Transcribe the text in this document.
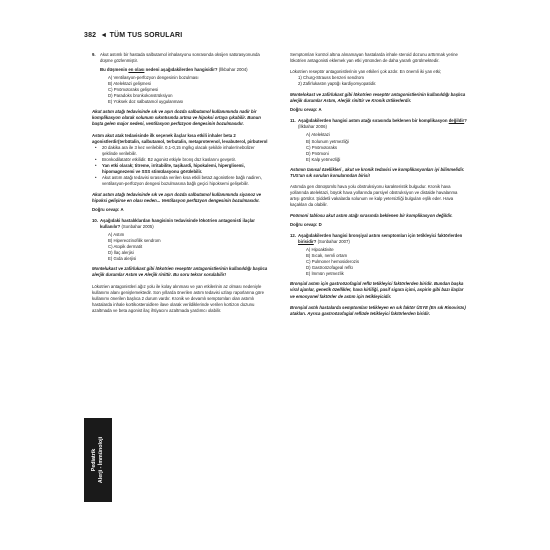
382 ◄ TÜM TUS SORULARI
9.	Akut astımlı bir hastada salbutamol inhalasyonu sonrasında oksijen satürasyonunda düşme gözlenmiştir.

Bu düşmenin en olası nedeni aşağıdakilerden hangisidir? (İlkbahar 2004)

A) Ventilasyon-perfüzyon dengesinin bozulması
B) Atelektazi gelişmesi
C) Pnömotoraks gelişmesi
D) Paradoks bronkokonstrüksiyon
E) Yüksek doz salbutamol uygulanması

Akut astım atağı tedavisinde sık ve aşırı dozda salbutamol kullanımında nadir bir komplikasyon olarak solunum sıkıntısında artma ve hipoksi ortaya çıkabilir. Bunun başta gelen major nedeni, ventilasyon perfüzyon dengesinin bozulmasıdır.

Astım akut atak tedavisinde ilk seçenek ilaçlar kısa etkili inhaler beta 2 agonistlerdir(terbütalin, salbutamol, terbutalin, metaproterenol, levabuterol, pirbuterol

• 20 dakika ara ile 3 kez verilebilir. 0,1-0,15 mg/kg olacak şekilde inhaler/nebülizer şeklinde verilebilir.
• Bronkodilatatör etkilidir. B2 agonist etkiyle bronş düz kaslarını gevşetir.
• Yan etki olarak; titreme, irritabilite, taşikardi, hipokalemi, hiperglisemi, hipomagnezemi ve SSS stimülasyonu görülebilir.
• Akut astım atağı tedavisi sırasında verilen kısa etkili beta2 agonistlere bağlı nadiren, ventilasyon-perfüzyon dengesi bozulmasına bağlı geçici hipoksemi gelişebilir.

Akut astım atağı tedavisinde sık ve aşırı dozda salbutamol kullanımında siyanoz ve hipoksi gelişirse en olası neden... Ventilasyon perfüzyon dengesinin bozulmasıdır.

Doğru cevap: A

10. Aşağıdaki hastalıklardan hangisinin tedavisinde lökotrien antagonisti ilaçlar kullanılır? (Sonbahar 2005)

A) Astım
B) Hipereozinofilik sendrom
C) Atopik dermatit
D) İlaç alerjisi
E) Gıda alerjisi

Montelukast ve zafirlukast gibi lökotrien reseptör antagonistlerinin kullanıldığı başlıca alerjik durumlar Astım ve Alerjik rinittir. Bu soru tekrar sorulabilir!

Lökotrien antagonistleri ağız yolu ile kolay alınması ve yan etkilerinin az olması nedeniyle kullanımı alanı genişlemektedir. Son yıllarda önerilen astım tedavisi uzlaşı raporlarına göre kullanımı önerilen başlıca 2 durum vardır. Kronik ve devamlı semptomları olan astımlı hastalarda inhale kortikosteroidlere ilave olarak verildiklerinde verilen kortizon dozunu azaltmada ve beta agonist ilaç ihtiyacını azaltmada yardımcı olabilir.

Semptomları kontrol altına alınamayan hastalarda inhale steroid dozunu arttırmak yerine lökotrien antagonisti eklemek yan etki yönünden de daha yararlı görülmektedir.

Lökotrien reseptör antagonistlerinin yan etkileri çok azdır. En önemli iki yan etki;

1) Churg-Strauss benzeri sendrom
2) Zafirlukastın yaptığı kardiyomyopatidir.

Montelokast ve zafirlukast gibi lökotrien reseptör antagonistlerinin kullanıldığı başlıca alerjik durumlar Astım, Alerjik rinittir ve Kronik ürtikerlerdir.

Doğru cevap: A

11. Aşağıdakilerden hangisi astım atağı sırasında beklenen bir komplikasyon değildir? (İlkbahar 2006)

A) Atelektazi
B) Solunum yetmezliği
C) Pnömotoraks
D) Pnömoni
E) Kalp yetmezliği

Astımın tanısal özellikleri , akut ve kronik tedavisi ve komplikasyonları iyi bilinmelidir. TUS'un sık soruları konularından birisi!

Astımda gen dönüşümlü hava yolu obstruksiyonu karakteristik bulgudur. Kronik hava yollarında atelektazi, büyük hava yollarında parsiyel obstruksiyon ve distalde havalanma artışı görülür. Şiddetli vakalarda solunum ve kalp yetersizliği bulguları eşlik eder. Hava kaçakları da olabilir.

Pnömoni tablosu akut astım atağı sırasında beklenen bir komplikasyon değildir.

Doğru cevap: D

12. Aşağıdakilerden hangisi bronşiyal astım semptomları için tetikleyici faktörlerden birisidir? (Sonbahar 2007)

A) Hipoaktivite
B) Sıcak, nemli ortam
C) Pulmoner hemosiderozis
D) Gastroözofageal reflü
E) İmmün yetmezlik

Bronşial astım için gastroözofagial reflü tetikleyici faktörlerden biridir. Bundan başka viral ajanlar, genetik özellikler, hava kirliliği, pasif sigara içimi, aspirin gibi bazı ilaçlar ve emosyonel faktörler de astım için tetikleyicidir.

Bronşial astılı hastalarda semptomları tetikleyen en sık faktör ÜSYE (En sık Rinovirüs) atakları. Ayrıca gastroözofagial reflüde tetikleyici faktörlerden biridir.

Pediatrik Alerji - İmmünoloji
